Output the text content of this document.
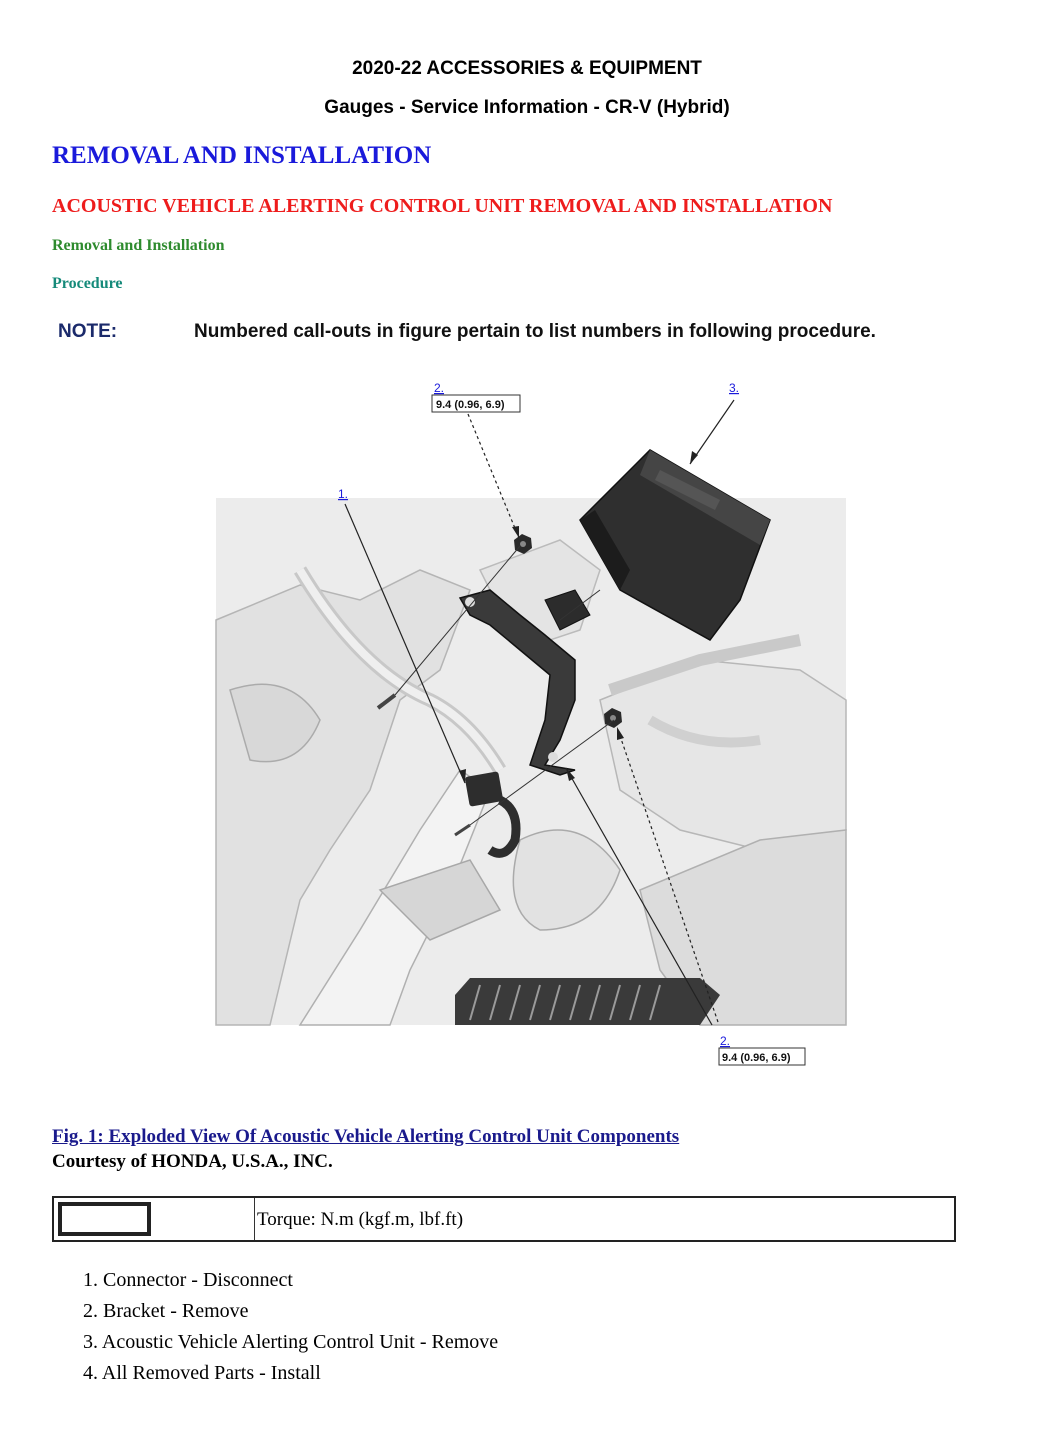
2020-22 ACCESSORIES & EQUIPMENT
Gauges - Service Information - CR-V (Hybrid)
REMOVAL AND INSTALLATION
ACOUSTIC VEHICLE ALERTING CONTROL UNIT REMOVAL AND INSTALLATION
Removal and Installation
Procedure
NOTE:	Numbered call-outs in figure pertain to list numbers in following procedure.
1.
2.	3.
2.
9.4 (0.96, 6.9)
9.4 (0.96, 6.9)
Fig. 1: Exploded View Of Acoustic Vehicle Alerting Control Unit Components
Courtesy of HONDA, U.S.A., INC.
Torque: N.m (kgf.m, lbf.ft)
1. Connector - Disconnect
2. Bracket - Remove
3. Acoustic Vehicle Alerting Control Unit - Remove
4. All Removed Parts - Install
